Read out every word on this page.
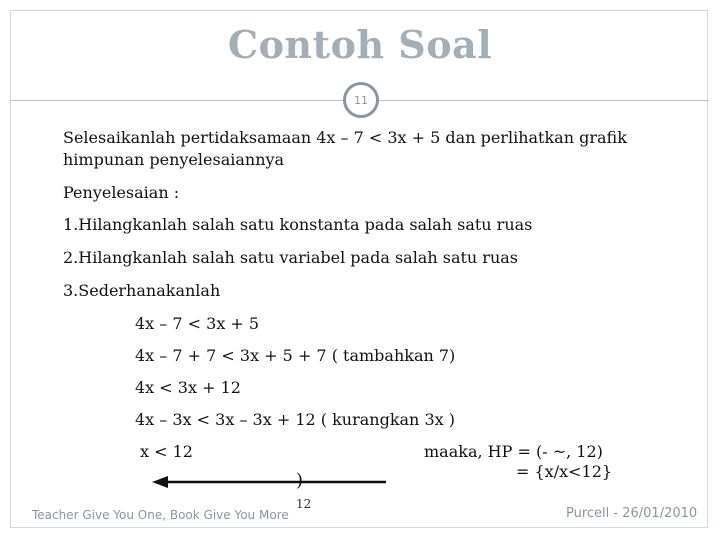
Contoh Soal
11
Selesaikanlah pertidaksamaan 4x – 7 < 3x + 5 dan perlihatkan grafik
himpunan penyelesaiannya
Penyelesaian :
1.Hilangkanlah salah satu konstanta pada salah satu ruas
2.Hilangkanlah salah satu variabel pada salah satu ruas
3.Sederhanakanlah
4x – 7 < 3x + 5
4x – 7 + 7 < 3x + 5 + 7 ( tambahkan 7)
4x < 3x + 12
4x – 3x < 3x – 3x + 12 ( kurangkan 3x )
x < 12	maaka, HP = (- ~, 12)
= {x/x<12}
)
12
Teacher Give You One, Book Give You More	Purcell - 26/01/2010
